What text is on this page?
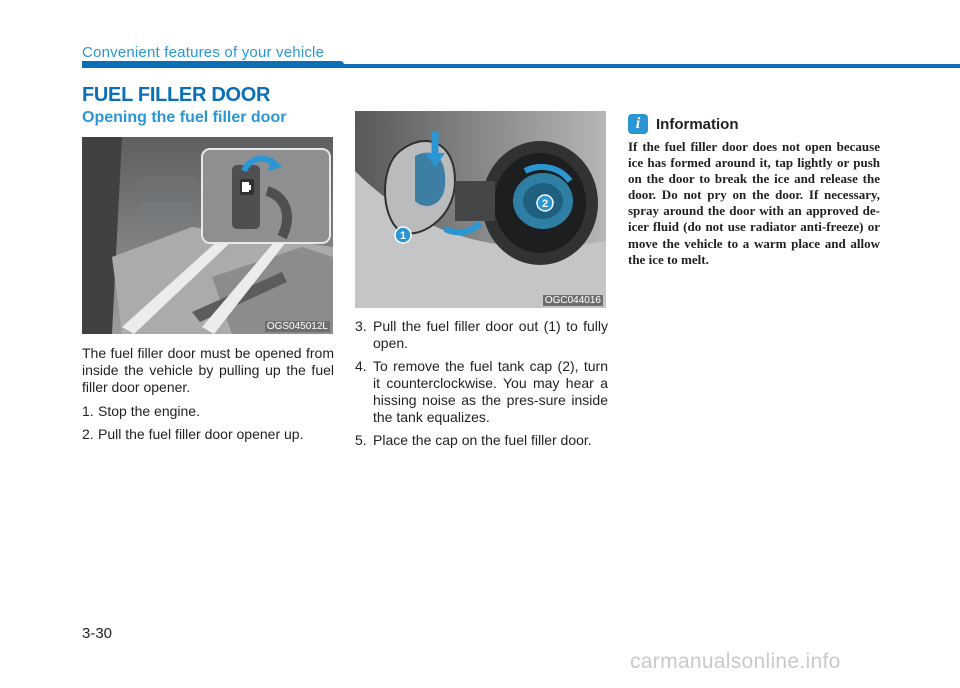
Convenient features of your vehicle
FUEL FILLER DOOR
Opening the fuel filler door
OGS045012L
1
2
OGC044016

The fuel filler door must be opened from inside the vehicle by pulling up the fuel filler door opener.

1. Stop the engine.
2. Pull the fuel filler door opener up.
3. Pull the fuel filler door out (1) to fully open.
4. To remove the fuel tank cap (2), turn it counterclockwise. You may hear a hissing noise as the pres-sure inside the tank equalizes.
5. Place the cap on the fuel filler door.
i	Information

If the fuel filler door does not open because ice has formed around it, tap lightly or push on the door to break the ice and release the door. Do not pry on the door. If necessary, spray around the door with an approved de-icer fluid (do not use radiator anti-freeze) or move the vehicle to a warm place and allow the ice to melt.

3-30
carmanualsonline.info
